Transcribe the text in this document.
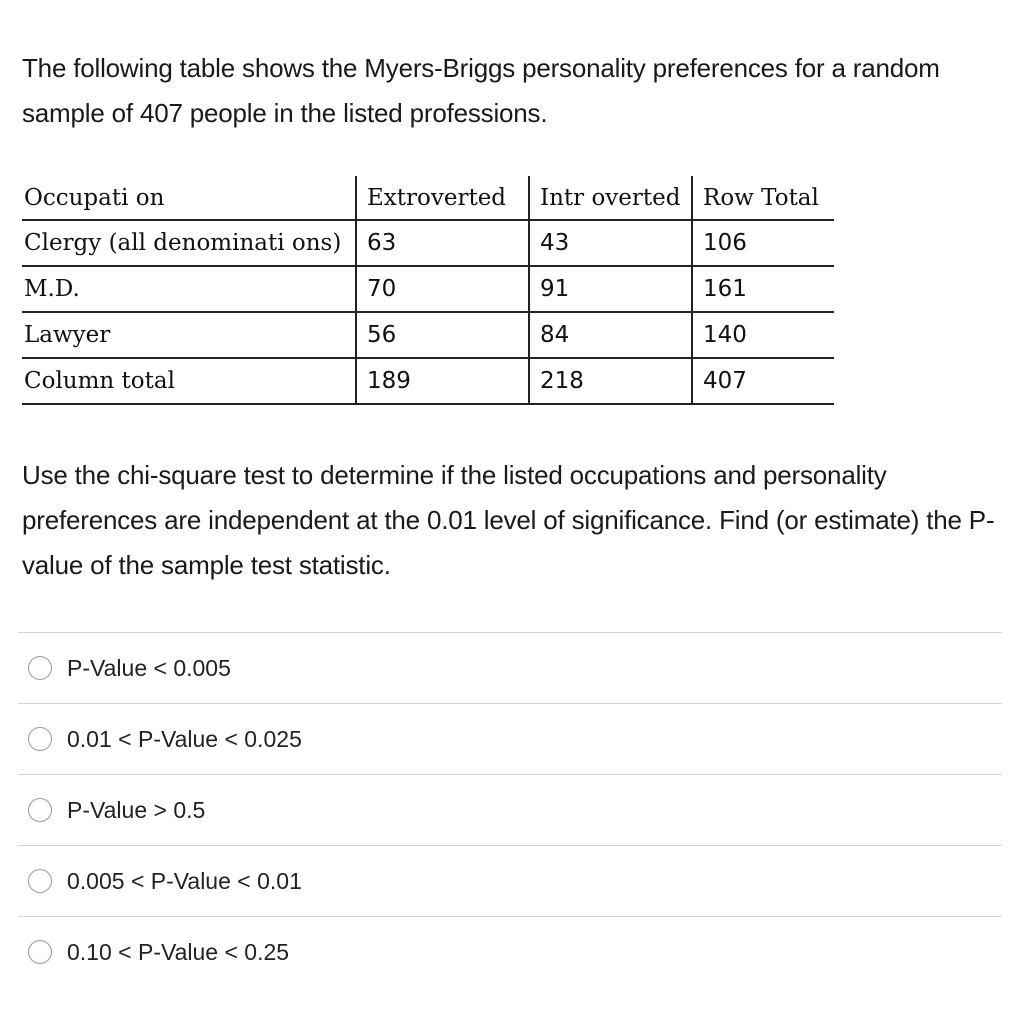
The following table shows the Myers-Briggs personality preferences for a random sample of 407 people in the listed professions.

Occupati on	Extroverted	Intr overted	Row Total
Clergy (all denominati ons)	63	43	106
M.D.	70	91	161
Lawyer	56	84	140
Column total	189	218	407

Use the chi-square test to determine if the listed occupations and personality preferences are independent at the 0.01 level of significance. Find (or estimate) the P-value of the sample test statistic.

P-Value < 0.005
0.01 < P-Value < 0.025
P-Value > 0.5
0.005 < P-Value < 0.01
0.10 < P-Value < 0.25
